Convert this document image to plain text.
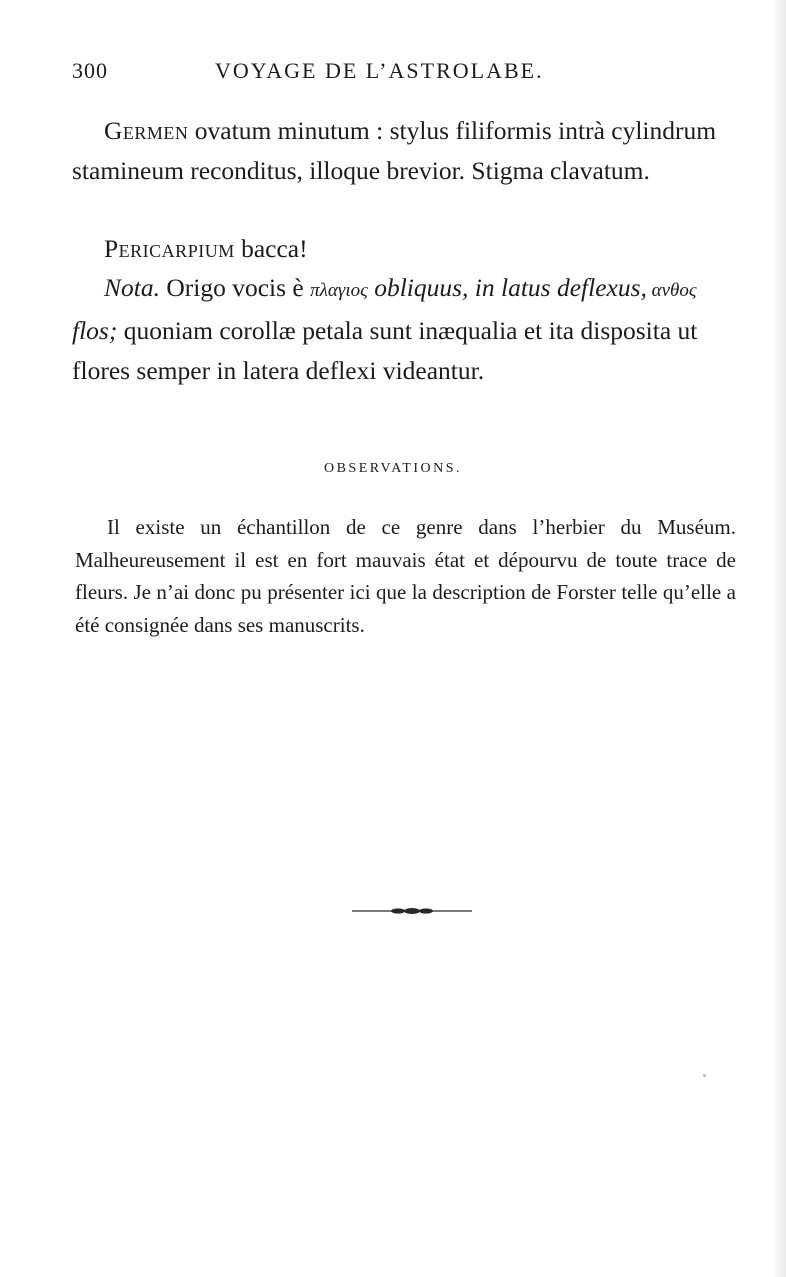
300	VOYAGE DE L’ASTROLABE.

Germen ovatum minutum : stylus filiformis intrà cylindrum stamineum reconditus, illoque brevior. Stigma clavatum.

Pericarpium bacca!

Nota. Origo vocis è πλαγιος obliquus, in latus deflexus, ανθος flos; quoniam corollæ petala sunt inæqualia et ita disposita ut flores semper in latera deflexi videantur.

OBSERVATIONS.

Il existe un échantillon de ce genre dans l’herbier du Muséum. Malheureusement il est en fort mauvais état et dépourvu de toute trace de fleurs. Je n’ai donc pu présenter ici que la description de Forster telle qu’elle a été consignée dans ses manuscrits.
